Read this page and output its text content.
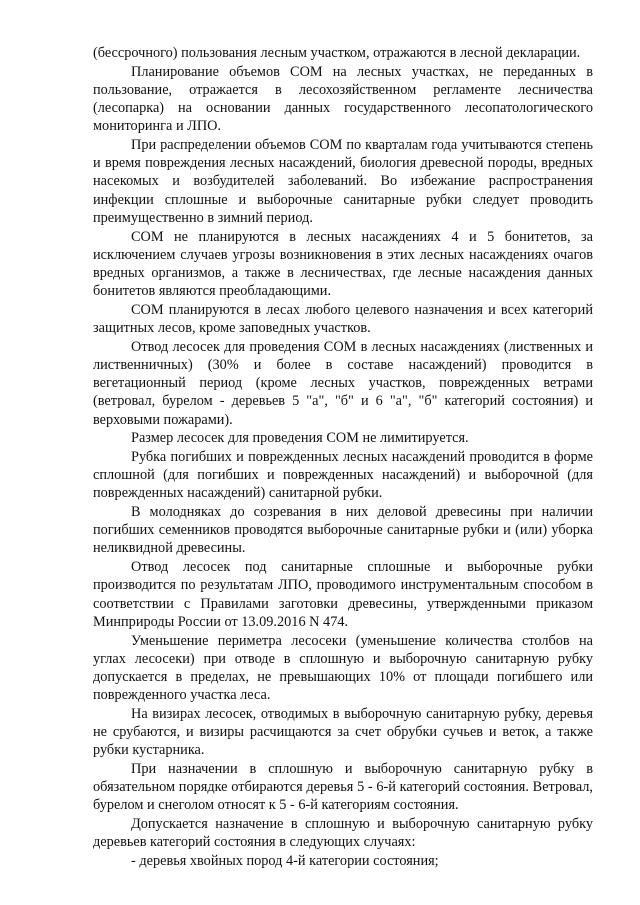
(бессрочного) пользования лесным участком, отражаются в лесной декларации.

Планирование объемов СОМ на лесных участках, не переданных в пользование, отражается в лесохозяйственном регламенте лесничества (лесопарка) на основании данных государственного лесопатологического мониторинга и ЛПО.

При распределении объемов СОМ по кварталам года учитываются степень и время повреждения лесных насаждений, биология древесной породы, вредных насекомых и возбудителей заболеваний. Во избежание распространения инфекции сплошные и выборочные санитарные рубки следует проводить преимущественно в зимний период.

СОМ не планируются в лесных насаждениях 4 и 5 бонитетов, за исключением случаев угрозы возникновения в этих лесных насаждениях очагов вредных организмов, а также в лесничествах, где лесные насаждения данных бонитетов являются преобладающими.

СОМ планируются в лесах любого целевого назначения и всех категорий защитных лесов, кроме заповедных участков.

Отвод лесосек для проведения СОМ в лесных насаждениях (лиственных и лиственничных) (30% и более в составе насаждений) проводится в вегетационный период (кроме лесных участков, поврежденных ветрами (ветровал, бурелом - деревьев 5 "а", "б" и 6 "а", "б" категорий состояния) и верховыми пожарами).

Размер лесосек для проведения СОМ не лимитируется.

Рубка погибших и поврежденных лесных насаждений проводится в форме сплошной (для погибших и поврежденных насаждений) и выборочной (для поврежденных насаждений) санитарной рубки.

В молодняках до созревания в них деловой древесины при наличии погибших семенников проводятся выборочные санитарные рубки и (или) уборка неликвидной древесины.

Отвод лесосек под санитарные сплошные и выборочные рубки производится по результатам ЛПО, проводимого инструментальным способом в соответствии с Правилами заготовки древесины, утвержденными приказом Минприроды России от 13.09.2016 N 474.

Уменьшение периметра лесосеки (уменьшение количества столбов на углах лесосеки) при отводе в сплошную и выборочную санитарную рубку допускается в пределах, не превышающих 10% от площади погибшего или поврежденного участка леса.

На визирах лесосек, отводимых в выборочную санитарную рубку, деревья не срубаются, и визиры расчищаются за счет обрубки сучьев и веток, а также рубки кустарника.

При назначении в сплошную и выборочную санитарную рубку в обязательном порядке отбираются деревья 5 - 6-й категорий состояния. Ветровал, бурелом и снеголом относят к 5 - 6-й категориям состояния.

Допускается назначение в сплошную и выборочную санитарную рубку деревьев категорий состояния в следующих случаях:

- деревья хвойных пород 4-й категории состояния;
